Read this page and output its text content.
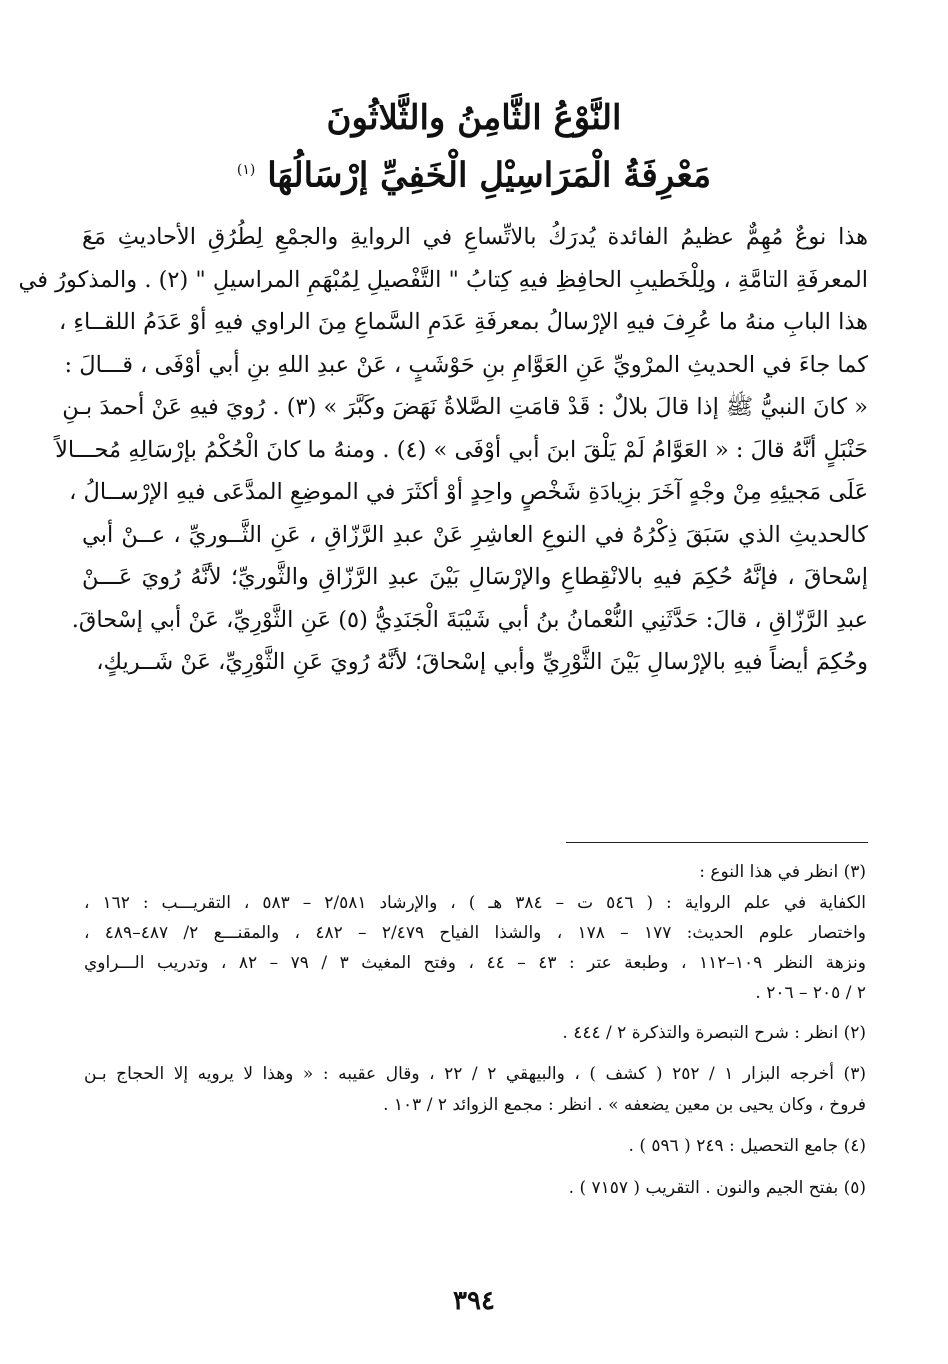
النَّوْعُ الثَّامِنُ والثَّلاثُونَ

مَعْرِفَةُ الْمَرَاسِيْلِ الْخَفِيِّ إرْسَالُهَا $^{(١)}$

هذا نوعٌ مُهِمٌّ عظيمُ الفائدة يُدرَكُ بالاتِّساعِ في الروايةِ والجمْعِ لِطُرُقِ الأحاديثِ مَعَ
المعرفَةِ التامَّةِ ، ولِلْخَطيبِ الحافِظِ فيهِ كِتابُ " التَّفْصيلِ لِمُبْهَمِ المراسيلِ " (٢) . والمذكورُ في
هذا البابِ منهُ ما عُرِفَ فيهِ الإرْسالُ بمعرفَةِ عَدَمِ السَّماعِ مِنَ الراوي فيهِ أوْ عَدَمُ اللقــاءِ ،
كما جاءَ في الحديثِ المرْويِّ عَنِ العَوَّامِ بنِ حَوْشَبٍ ، عَنْ عبدِ اللهِ بنِ أبي أوْفَى ، قـــالَ :
« كانَ النبيُّ ﷺ إذا قالَ بلالٌ : قَدْ قامَتِ الصَّلاةُ نَهَضَ وكَبَّرَ » (٣) . رُويَ فيهِ عَنْ أحمدَ بـنِ
حَنْبَلٍ أنَّهُ قالَ : « العَوَّامُ لَمْ يَلْقَ ابنَ أبي أوْفَى » (٤) . ومنهُ ما كانَ الْحُكْمُ بإرْسَالِهِ مُحـــالاً
عَلَى مَجيئِهِ مِنْ وجْهٍ آخَرَ بزِيادَةِ شَخْصٍ واحِدٍ أوْ أكثَرَ في الموضِعِ المدَّعَى فيهِ الإرْســالُ ،
كالحديثِ الذي سَبَقَ ذِكْرُهُ في النوعِ العاشِرِ عَنْ عبدِ الرَّزّاقِ ، عَنِ الثَّــوريِّ ، عــنْ أبي
إسْحاقَ ، فإنَّهُ حُكِمَ فيهِ بالانْقِطاعِ والإرْسَالِ بَيْنَ عبدِ الرَّزّاقِ والثَّوريِّ؛ لأنَّهُ رُويَ عَـــنْ
عبدِ الرَّزّاقِ ، قالَ: حَدَّثَنِي النُّعْمانُ بنُ أبي شَيْبَةَ الْجَنَدِيُّ (٥) عَنِ الثَّوْرِيِّ، عَنْ أبي إسْحاقَ.
وحُكِمَ أيضاً فيهِ بالإرْسالِ بَيْنَ الثَّوْرِيِّ وأبي إسْحاقَ؛ لأنَّهُ رُويَ عَنِ الثَّوْرِيِّ، عَنْ شَــريكٍ،
(٣) انظر في هذا النوع :
الكفاية في علم الرواية : ( ٥٤٦ ت – ٣٨٤ هـ ) ، والإرشاد ٢/٥٨١ – ٥٨٣ ، التقريـــب : ١٦٢ ،
واختصار علوم الحديث: ١٧٧ – ١٧٨ ، والشذا الفياح ٢/٤٧٩ – ٤٨٢ ، والمقنـــع ٢/ ٤٨٧–٤٨٩ ،
ونزهة النظر ١٠٩–١١٢ ، وطبعة عتر : ٤٣ – ٤٤ ، وفتح المغيث ٣ / ٧٩ – ٨٢ ، وتدريب الـــراوي
٢ / ٢٠٥ – ٢٠٦ .
(٢) انظر : شرح التبصرة والتذكرة ٢ / ٤٤٤ .
(٣) أخرجه البزار ١ / ٢٥٢ ( كشف ) ، والبيهقي ٢ / ٢٢ ، وقال عقيبه : « وهذا لا يرويه إلا الحجاج بـن
فروخ ، وكان يحيى بن معين يضعفه » . انظر : مجمع الزوائد ٢ / ١٠٣ .
(٤) جامع التحصيل : ٢٤٩ ( ٥٩٦ ) .
(٥) بفتح الجيم والنون . التقريب ( ٧١٥٧ ) .
٣٩٤
